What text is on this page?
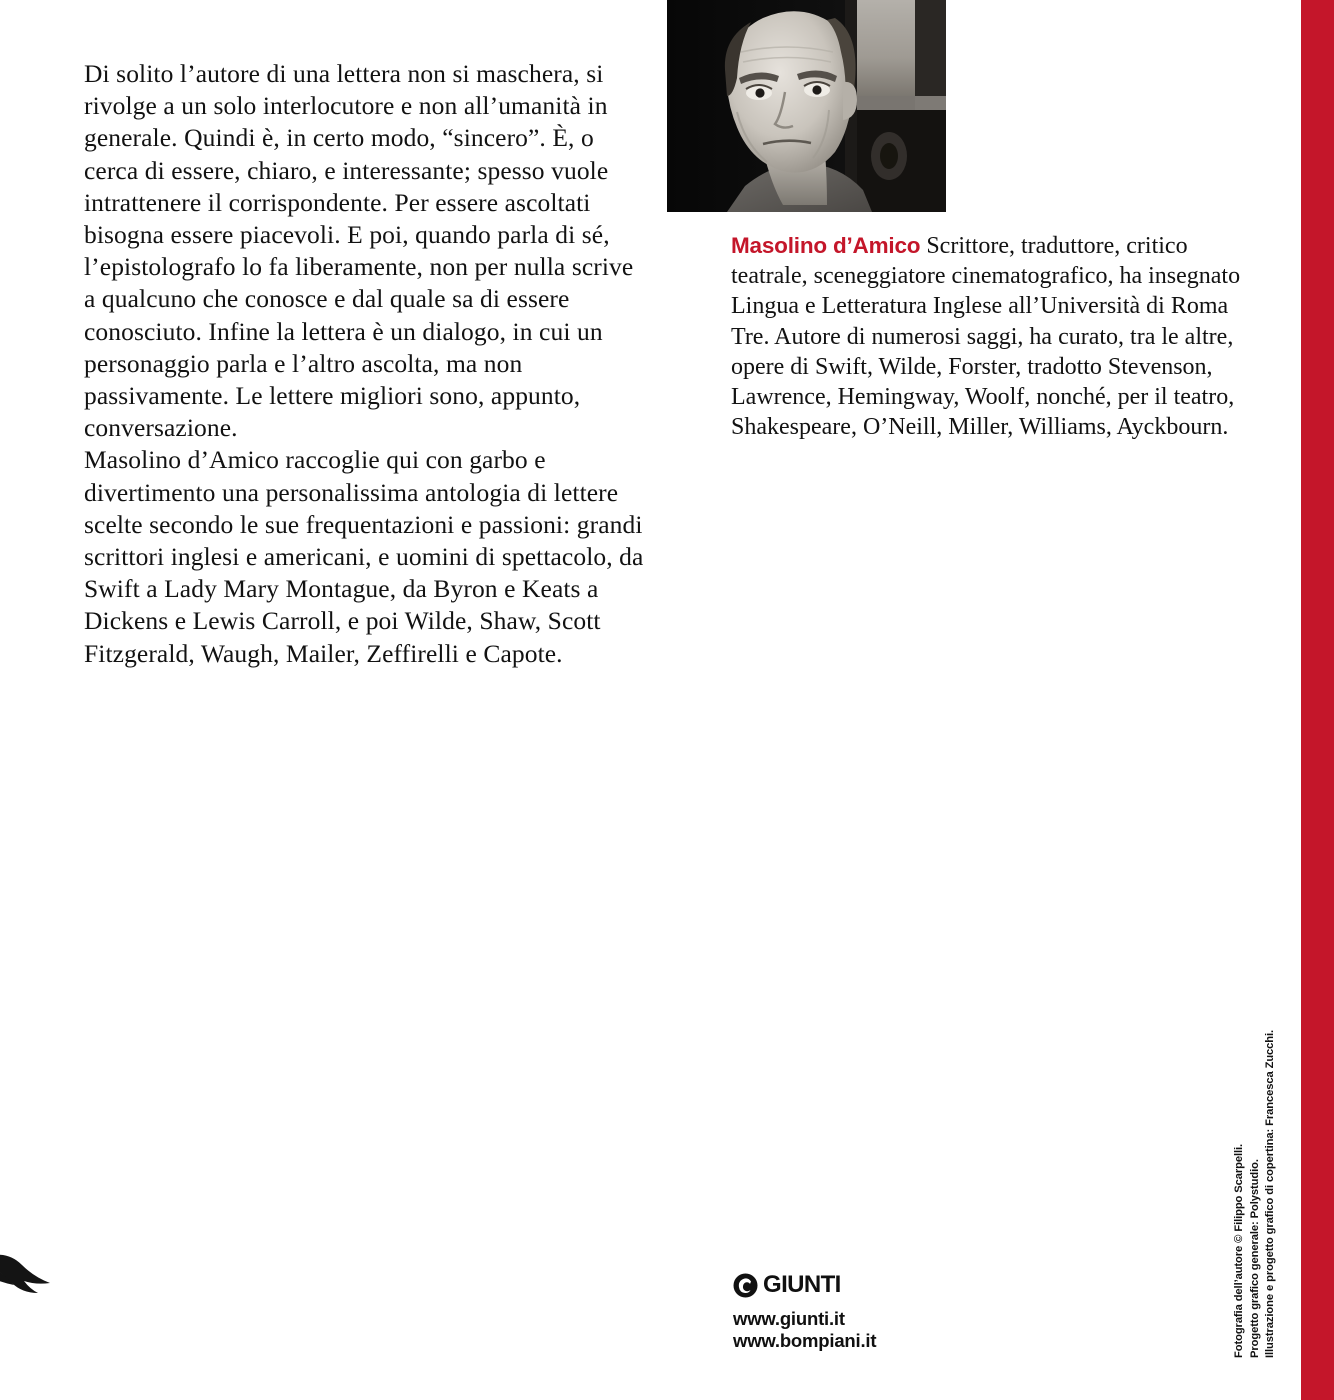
Di solito l’autore di una lettera non si maschera, si rivolge a un solo interlocutore e non all’umanità in generale. Quindi è, in certo modo, “sincero”. È, o cerca di essere, chiaro, e interessante; spesso vuole intrattenere il corrispondente. Per essere ascoltati bisogna essere piacevoli. E poi, quando parla di sé, l’epistolografo lo fa liberamente, non per nulla scrive a qualcuno che conosce e dal quale sa di essere conosciuto. Infine la lettera è un dialogo, in cui un personaggio parla e l’altro ascolta, ma non passivamente. Le lettere migliori sono, appunto, conversazione.

Masolino d’Amico raccoglie qui con garbo e divertimento una personalissima antologia di lettere scelte secondo le sue frequentazioni e passioni: grandi scrittori inglesi e americani, e uomini di spettacolo, da Swift a Lady Mary Montague, da Byron e Keats a Dickens e Lewis Carroll, e poi Wilde, Shaw, Scott Fitzgerald, Waugh, Mailer, Zeffirelli e Capote.

Masolino d’Amico Scrittore, traduttore, critico teatrale, sceneggiatore cinematografico, ha insegnato Lingua e Letteratura Inglese all’Università di Roma Tre. Autore di numerosi saggi, ha curato, tra le altre, opere di Swift, Wilde, Forster, tradotto Stevenson, Lawrence, Hemingway, Woolf, nonché, per il teatro, Shakespeare, O’Neill, Miller, Williams, Ayckbourn.
GIUNTI
www.giunti.it
www.bompiani.it	Fotografia dell’autore © Filippo Scarpelli. Progetto grafico generale: Polystudio. Illustrazione e progetto grafico di copertina: Francesca Zucchi.
